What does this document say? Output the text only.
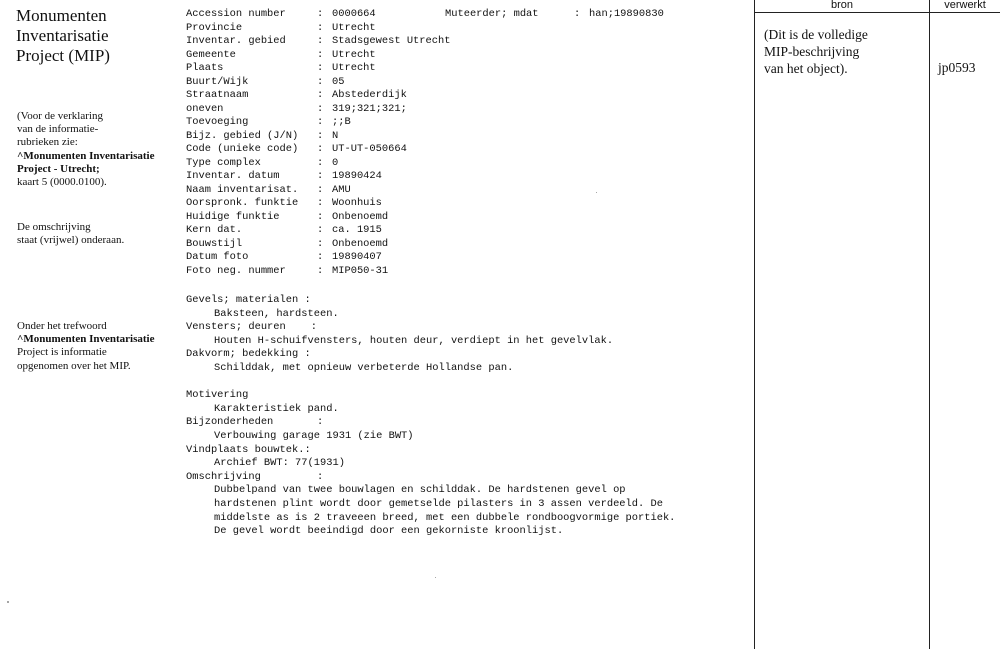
Monumenten
Inventarisatie
Project (MIP)
(Voor de verklaring
van de informatie-
rubrieken zie:
^Monumenten Inventarisatie
Project - Utrecht;
kaart 5 (0000.0100).
De omschrijving
staat (vrijwel) onderaan.
Onder het trefwoord
^Monumenten Inventarisatie
Project is informatie
opgenomen over het MIP.
Accession number	: 0000664	Muteerder; mdat	: han;19890830
Provincie	: Utrecht
Inventar. gebied	: Stadsgewest Utrecht
Gemeente	: Utrecht
Plaats	: Utrecht
Buurt/Wijk	: 05
Straatnaam	: Abstederdijk
oneven	: 319;321;321;
Toevoeging	: ;;B
Bijz. gebied (J/N) : N
Code (unieke code) : UT-UT-050664
Type complex	: 0
Inventar. datum	: 19890424
Naam inventarisat. : AMU
Oorspronk. funktie : Woonhuis
Huidige funktie	: Onbenoemd
Kern dat.	: ca. 1915
Bouwstijl	: Onbenoemd
Datum foto	: 19890407
Foto neg. nummer	: MIP050-31
Gevels; materialen :
Baksteen, hardsteen.
Vensters; deuren    :
Houten H-schuifvensters, houten deur, verdiept in het gevelvlak.
Dakvorm; bedekking :
Schilddak, met opnieuw verbeterde Hollandse pan.
Motivering
Karakteristiek pand.
Bijzonderheden       :
Verbouwing garage 1931 (zie BWT)
Vindplaats bouwtek.:
Archief BWT: 77(1931)
Omschrijving         :
Dubbelpand van twee bouwlagen en schilddak. De hardstenen gevel op
hardstenen plint wordt door gemetselde pilasters in 3 assen verdeeld. De
middelste as is 2 traveeen breed, met een dubbele rondboogvormige portiek.
De gevel wordt beeindigd door een gekorniste kroonlijst.
bron	verwerkt
(Dit is de volledige
MIP-beschrijving
van het object).	jp0593
